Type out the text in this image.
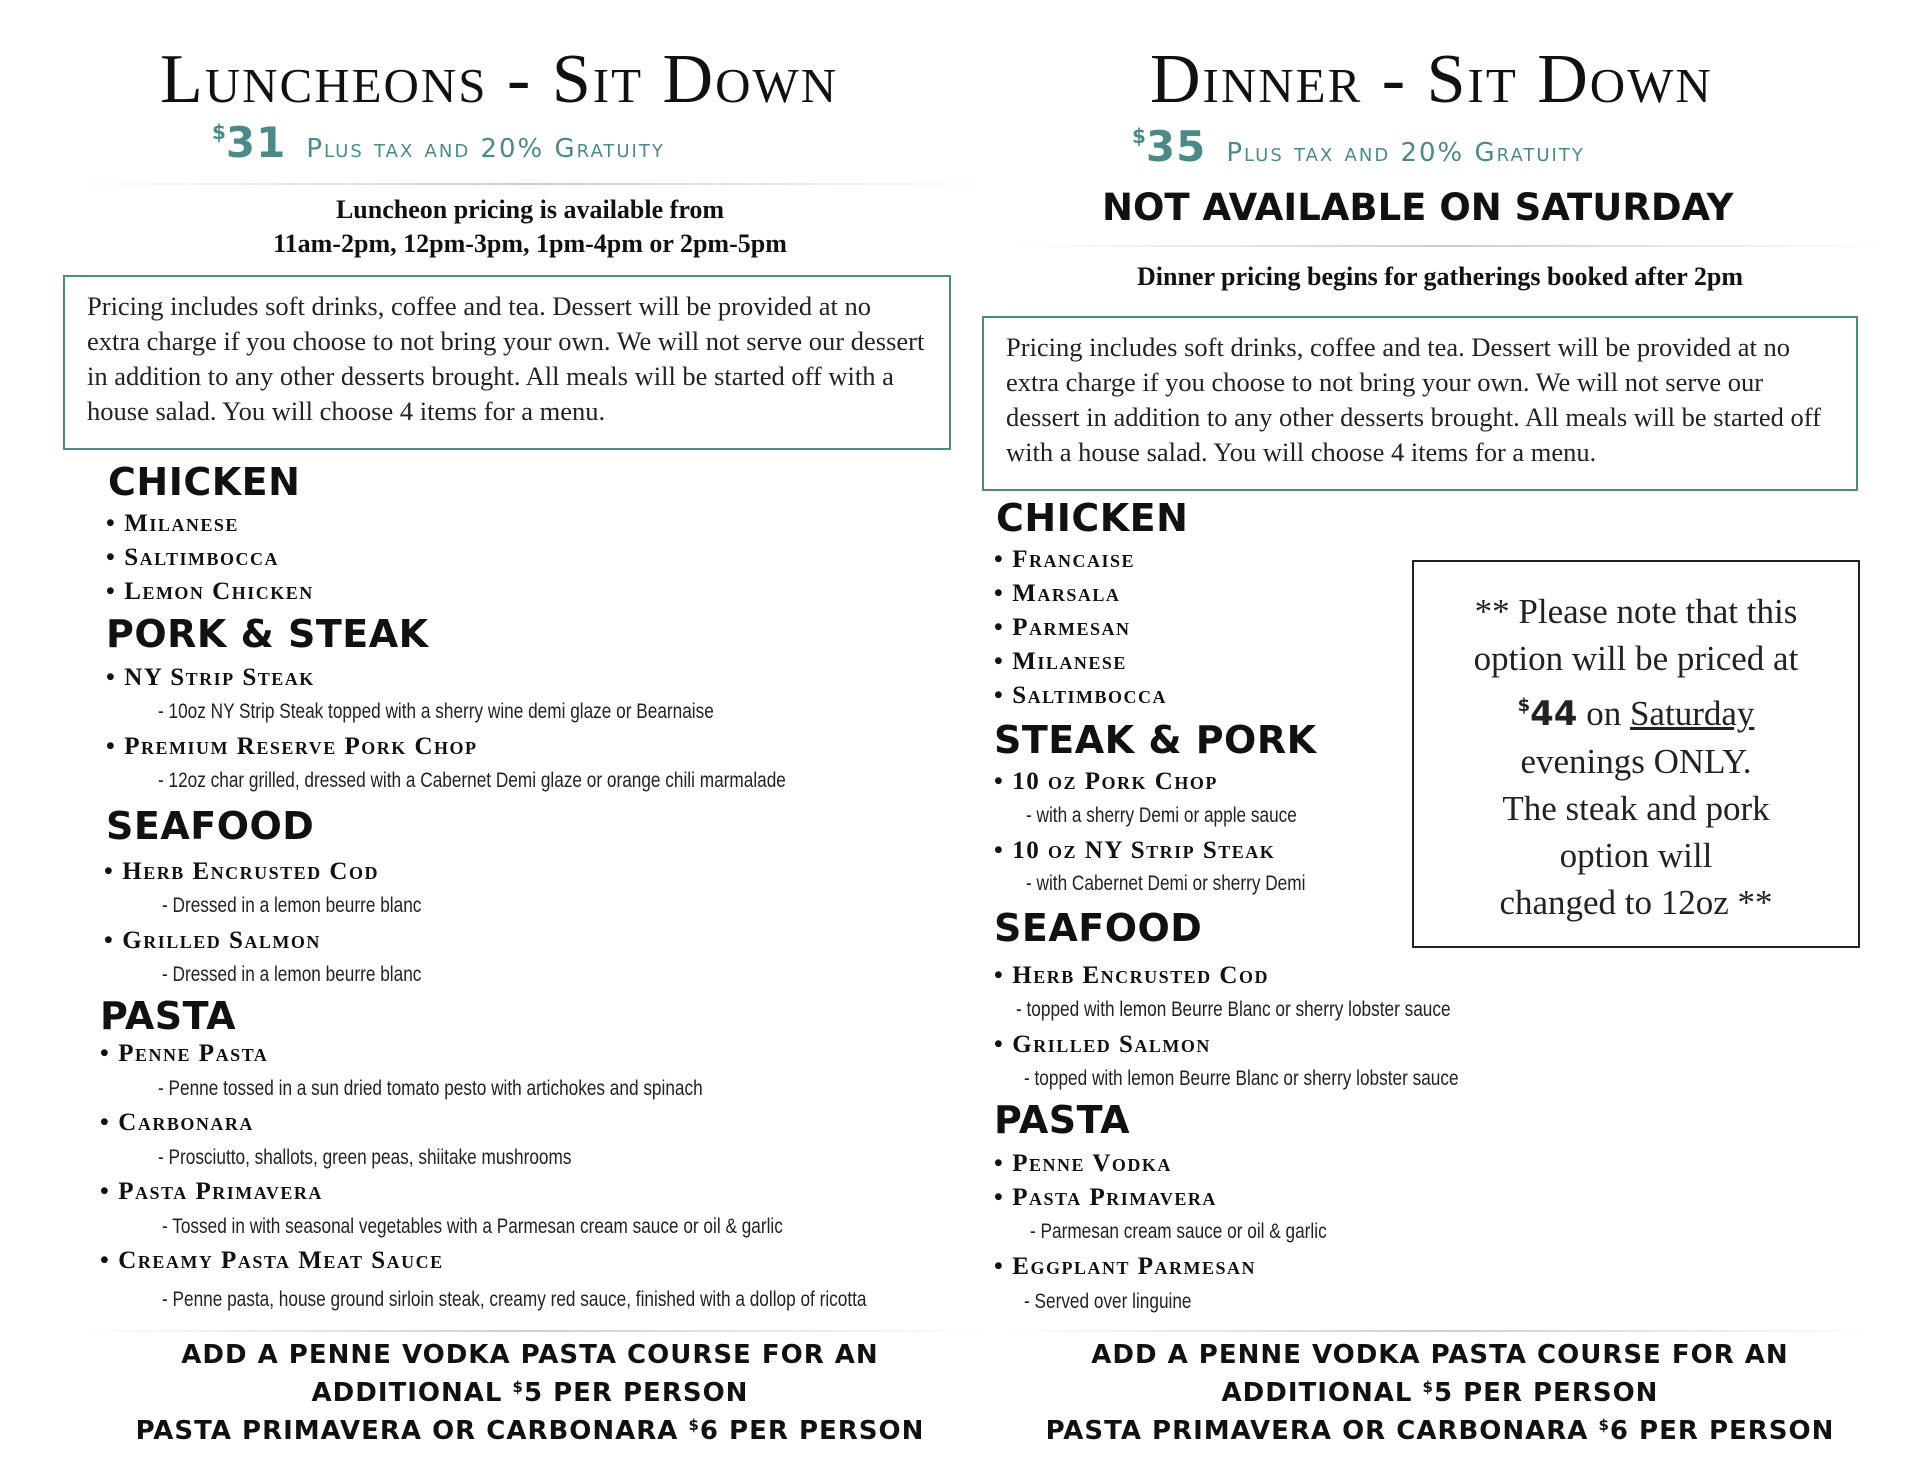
Luncheons - Sit Down
$31 Plus tax and 20% Gratuity
Luncheon pricing is available from
11am-2pm, 12pm-3pm, 1pm-4pm or 2pm-5pm
Pricing includes soft drinks, coffee and tea. Dessert will be provided at no extra charge if you choose to not bring your own. We will not serve our dessert in addition to any other desserts brought. All meals will be started off with a house salad. You will choose 4 items for a menu.
CHICKEN
• Milanese
• Saltimbocca
• Lemon Chicken
PORK & STEAK
• NY Strip Steak
- 10oz NY Strip Steak topped with a sherry wine demi glaze or Bearnaise
• Premium Reserve Pork Chop
- 12oz char grilled, dressed with a Cabernet Demi glaze or orange chili marmalade
SEAFOOD
• Herb Encrusted Cod
- Dressed in a lemon beurre blanc
• Grilled Salmon
- Dressed in a lemon beurre blanc
PASTA
• Penne Pasta
- Penne tossed in a sun dried tomato pesto with artichokes and spinach
• Carbonara
- Prosciutto, shallots, green peas, shiitake mushrooms
• Pasta Primavera
- Tossed in with seasonal vegetables with a Parmesan cream sauce or oil & garlic
• Creamy Pasta Meat Sauce
- Penne pasta, house ground sirloin steak, creamy red sauce, finished with a dollop of ricotta
ADD A PENNE VODKA PASTA COURSE FOR AN
ADDITIONAL $5 PER PERSON
PASTA PRIMAVERA OR CARBONARA $6 PER PERSON
Dinner - Sit Down
$35 Plus tax and 20% Gratuity
NOT AVAILABLE ON SATURDAY
Dinner pricing begins for gatherings booked after 2pm
Pricing includes soft drinks, coffee and tea. Dessert will be provided at no extra charge if you choose to not bring your own. We will not serve our dessert in addition to any other desserts brought. All meals will be started off with a house salad. You will choose 4 items for a menu.
CHICKEN
• Francaise
• Marsala
• Parmesan
• Milanese
• Saltimbocca
STEAK & PORK
• 10 oz Pork Chop
- with a sherry Demi or apple sauce
• 10 oz NY Strip Steak
- with Cabernet Demi or sherry Demi
SEAFOOD
• Herb Encrusted Cod
- topped with lemon Beurre Blanc or sherry lobster sauce
• Grilled Salmon
- topped with lemon Beurre Blanc or sherry lobster sauce
PASTA
• Penne Vodka
• Pasta Primavera
- Parmesan cream sauce or oil & garlic
• Eggplant Parmesan
- Served over linguine
** Please note that this
option will be priced at
$44 on Saturday
evenings ONLY.
The steak and pork
option will
changed to 12oz **
ADD A PENNE VODKA PASTA COURSE FOR AN
ADDITIONAL $5 PER PERSON
PASTA PRIMAVERA OR CARBONARA $6 PER PERSON
